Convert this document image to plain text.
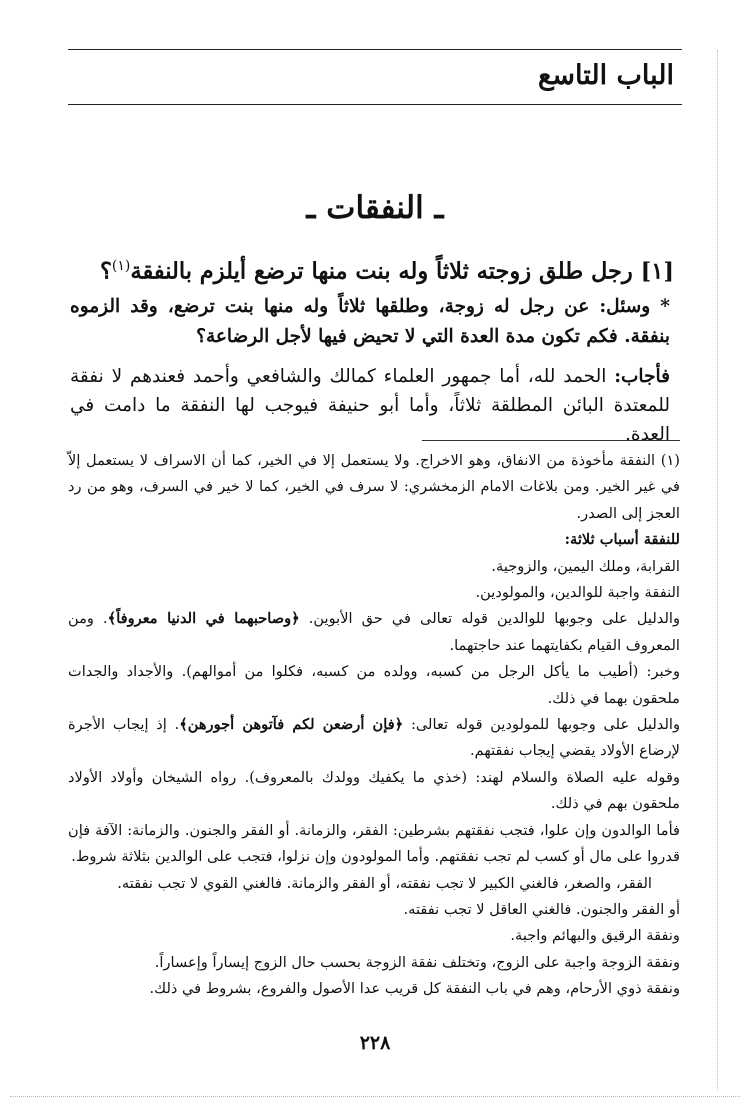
الباب التاسع
ـ النفقات ـ
[١] رجل طلق زوجته ثلاثاً وله بنت منها ترضع أيلزم بالنفقة$^{(١)}$؟
* وسئل: عن رجل له زوجة، وطلقها ثلاثاً وله منها بنت ترضع، وقد الزموه بنفقة. فكم تكون مدة العدة التي لا تحيض فيها لأجل الرضاعة؟
فأجاب: الحمد لله، أما جمهور العلماء كمالك والشافعي وأحمد فعندهم لا نفقة للمعتدة البائن المطلقة ثلاثاً، وأما أبو حنيفة فيوجب لها النفقة ما دامت في العدة.

(١) النفقة مأخوذة من الانفاق، وهو الاخراج. ولا يستعمل إلا في الخير، كما أن الاسراف لا يستعمل إلاّ في غير الخير. ومن بلاغات الامام الزمخشري: لا سرف في الخير، كما لا خير في السرف، وهو من رد العجز إلى الصدر.

للنفقة أسباب ثلاثة:

القرابة، وملك اليمين، والزوجية.

النفقة واجبة للوالدين، والمولودين.

والدليل على وجوبها للوالدين قوله تعالى في حق الأبوين. ﴿وصاحبهما في الدنيا معروفاً﴾. ومن المعروف القيام بكفايتهما عند حاجتهما.

وخبر: (أطيب ما يأكل الرجل من كسبه، وولده من كسبه، فكلوا من أموالهم). والأجداد والجدات ملحقون بهما في ذلك.

والدليل على وجوبها للمولودين قوله تعالى: ﴿فإن أرضعن لكم فآتوهن أجورهن﴾. إذ إيجاب الأجرة لإرضاع الأولاد يقضي إيجاب نفقتهم.

وقوله عليه الصلاة والسلام لهند: (خذي ما يكفيك وولدك بالمعروف). رواه الشيخان وأولاد الأولاد ملحقون بهم في ذلك.

فأما الوالدون وإن علوا، فتجب نفقتهم بشرطين: الفقر، والزمانة. أو الفقر والجنون. والزمانة: الآفة فإن قدروا على مال أو كسب لم تجب نفقتهم. وأما المولودون وإن نزلوا، فتجب على الوالدين بثلاثة شروط.

الفقر، والصغر، فالغني الكبير لا تجب نفقته، أو الفقر والزمانة. فالغني القوي لا تجب نفقته.

أو الفقر والجنون. فالغني العاقل لا تجب نفقته.

ونفقة الرقيق والبهائم واجبة.

ونفقة الزوجة واجبة على الزوج، وتختلف نفقة الزوجة بحسب حال الزوج إيساراً وإعساراً.

ونفقة ذوي الأرحام، وهم في باب النفقة كل قريب عدا الأصول والفروع، بشروط في ذلك.

٢٢٨
